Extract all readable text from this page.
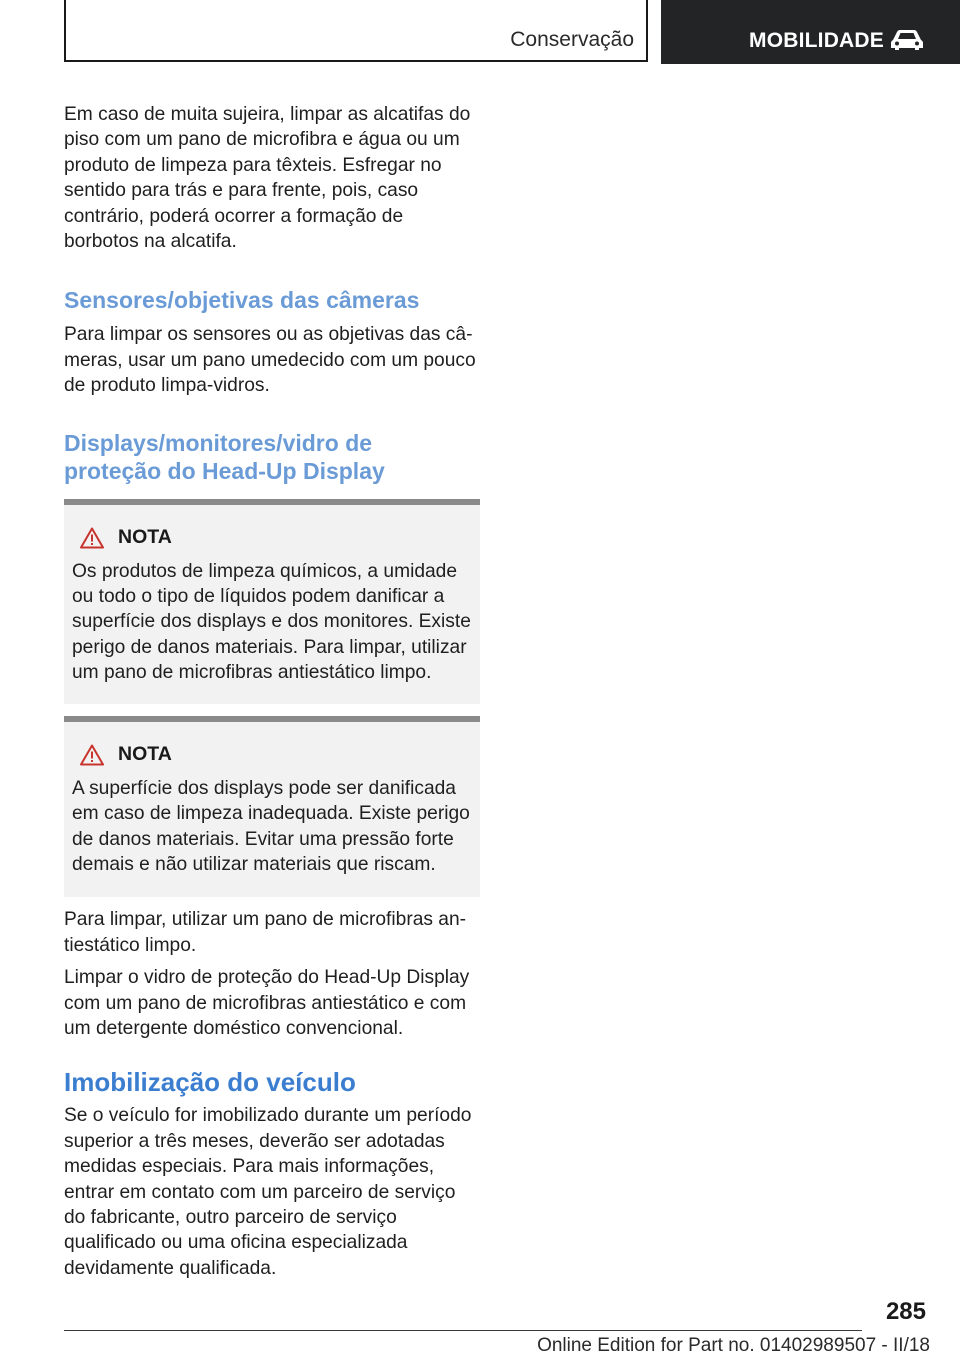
Conservação	MOBILIDADE

Em caso de muita sujeira, limpar as alcatifas do piso com um pano de microfibra e água ou um produto de limpeza para têxteis. Esfregar no sentido para trás e para frente, pois, caso contrário, poderá ocorrer a formação de borbotos na alcatifa.

Sensores/objetivas das câmeras

Para limpar os sensores ou as objetivas das câmeras, usar um pano umedecido com um pouco de produto limpa-vidros.

Displays/monitores/vidro de
proteção do Head-Up Display
NOTA

Os produtos de limpeza químicos, a umidade ou todo o tipo de líquidos podem danificar a superfície dos displays e dos monitores. Existe perigo de danos materiais. Para limpar, utilizar um pano de microfibras antiestático limpo.

NOTA

A superfície dos displays pode ser danificada em caso de limpeza inadequada. Existe perigo de danos materiais. Evitar uma pressão forte demais e não utilizar materiais que riscam.

Para limpar, utilizar um pano de microfibras antiestático limpo.

Limpar o vidro de proteção do Head-Up Display com um pano de microfibras antiestático e com um detergente doméstico convencional.

Imobilização do veículo

Se o veículo for imobilizado durante um período superior a três meses, deverão ser adotadas medidas especiais. Para mais informações, entrar em contato com um parceiro de serviço do fabricante, outro parceiro de serviço qualificado ou uma oficina especializada devidamente qualificada.

285
Online Edition for Part no. 01402989507 - II/18
